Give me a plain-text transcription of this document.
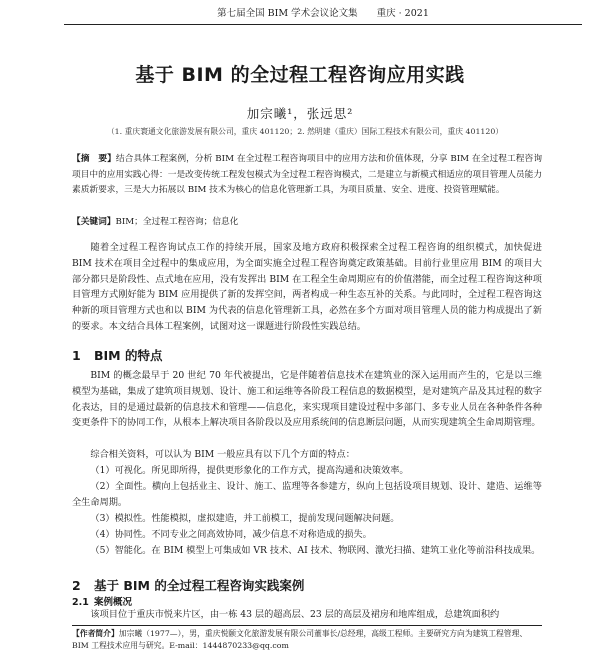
第七届全国 BIM 学术会议论文集　　重庆 · 2021
基于 BIM 的全过程工程咨询应用实践
加宗曦¹，张远思²
（1. 重庆寰通文化旅游发展有限公司，重庆 401120；2. 然明建（重庆）国际工程技术有限公司，重庆 401120）
【摘　要】结合具体工程案例，分析 BIM 在全过程工程咨询项目中的应用方法和价值体现，分享 BIM 在全过程工程咨询项目中的应用实践心得：一是改变传统工程发包模式为全过程工程咨询模式，二是建立与新模式相适应的项目管理人员能力素质新要求，三是大力拓展以 BIM 技术为核心的信息化管理新工具，为项目质量、安全、进度、投资管理赋能。
【关键词】BIM；全过程工程咨询；信息化
随着全过程工程咨询试点工作的持续开展，国家及地方政府积极探索全过程工程咨询的组织模式，加快促进 BIM 技术在项目全过程中的集成应用，为全面实施全过程工程咨询奠定政策基础。目前行业里应用 BIM 的项目大部分都只是阶段性、点式地在应用，没有发挥出 BIM 在工程全生命周期应有的价值潜能，而全过程工程咨询这种项目管理方式刚好能为 BIM 应用提供了新的发挥空间，两者构成一种生态互补的关系。与此同时，全过程工程咨询这种新的项目管理方式也和以 BIM 为代表的信息化管理新工具，必然在多个方面对项目管理人员的能力构成提出了新的要求。本文结合具体工程案例，试图对这一课题进行阶段性实践总结。
1 BIM 的特点
BIM 的概念最早于 20 世纪 70 年代被提出，它是伴随着信息技术在建筑业的深入运用而产生的，它是以三维模型为基础，集成了建筑项目规划、设计、施工和运维等各阶段工程信息的数据模型，是对建筑产品及其过程的数字化表达，目的是通过最新的信息技术和管理——信息化，来实现项目建设过程中多部门、多专业人员在各种条件各种变更条件下的协同工作，从根本上解决项目各阶段以及应用系统间的信息断层问题，从而实现建筑全生命周期管理。
综合相关资料，可以认为 BIM 一般应具有以下几个方面的特点：
（1）可视化。所见即所得，提供更形象化的工作方式，提高沟通和决策效率。
（2）全面性。横向上包括业主、设计、施工、监理等各参建方，纵向上包括设项目规划、设计、建造、运维等全生命周期。
（3）模拟性。性能模拟，虚拟建造，并工前模工，提前发现问题解决问题。
（4）协同性。不同专业之间高效协同，减少信息不对称造成的损失。
（5）智能化。在 BIM 模型上可集成如 VR 技术、AI 技术、物联网、激光扫描、建筑工业化等前沿科技成果。
2 基于 BIM 的全过程工程咨询实践案例
2.1 案例概况
该项目位于重庆市悦来片区，由一栋 43 层的超高层、23 层的高层及裙房和地库组成，总建筑面积约
【作者简介】加宗曦（1977—），男，重庆悦颐文化旅游发展有限公司董事长/总经理，高级工程师。主要研究方向为建筑工程管理、BIM 工程技术应用与研究。E-mail：1444870233@qq.com
